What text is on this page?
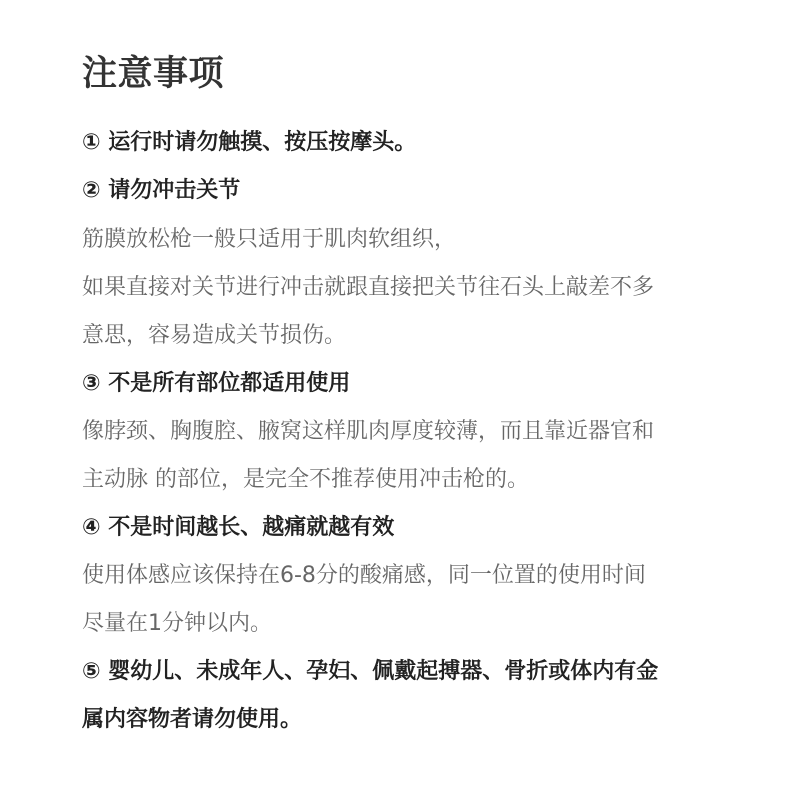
注意事项
① 运行时请勿触摸、按压按摩头。
② 请勿冲击关节
筋膜放松枪一般只适用于肌肉软组织，
如果直接对关节进行冲击就跟直接把关节往石头上敲差不多
意思，容易造成关节损伤。
③ 不是所有部位都适用使用
像脖颈、胸腹腔、腋窝这样肌肉厚度较薄，而且靠近器官和
主动脉 的部位，是完全不推荐使用冲击枪的。
④ 不是时间越长、越痛就越有效
使用体感应该保持在6-8分的酸痛感，同一位置的使用时间
尽量在1分钟以内。
⑤ 婴幼儿、未成年人、孕妇、佩戴起搏器、骨折或体内有金
属内容物者请勿使用。
